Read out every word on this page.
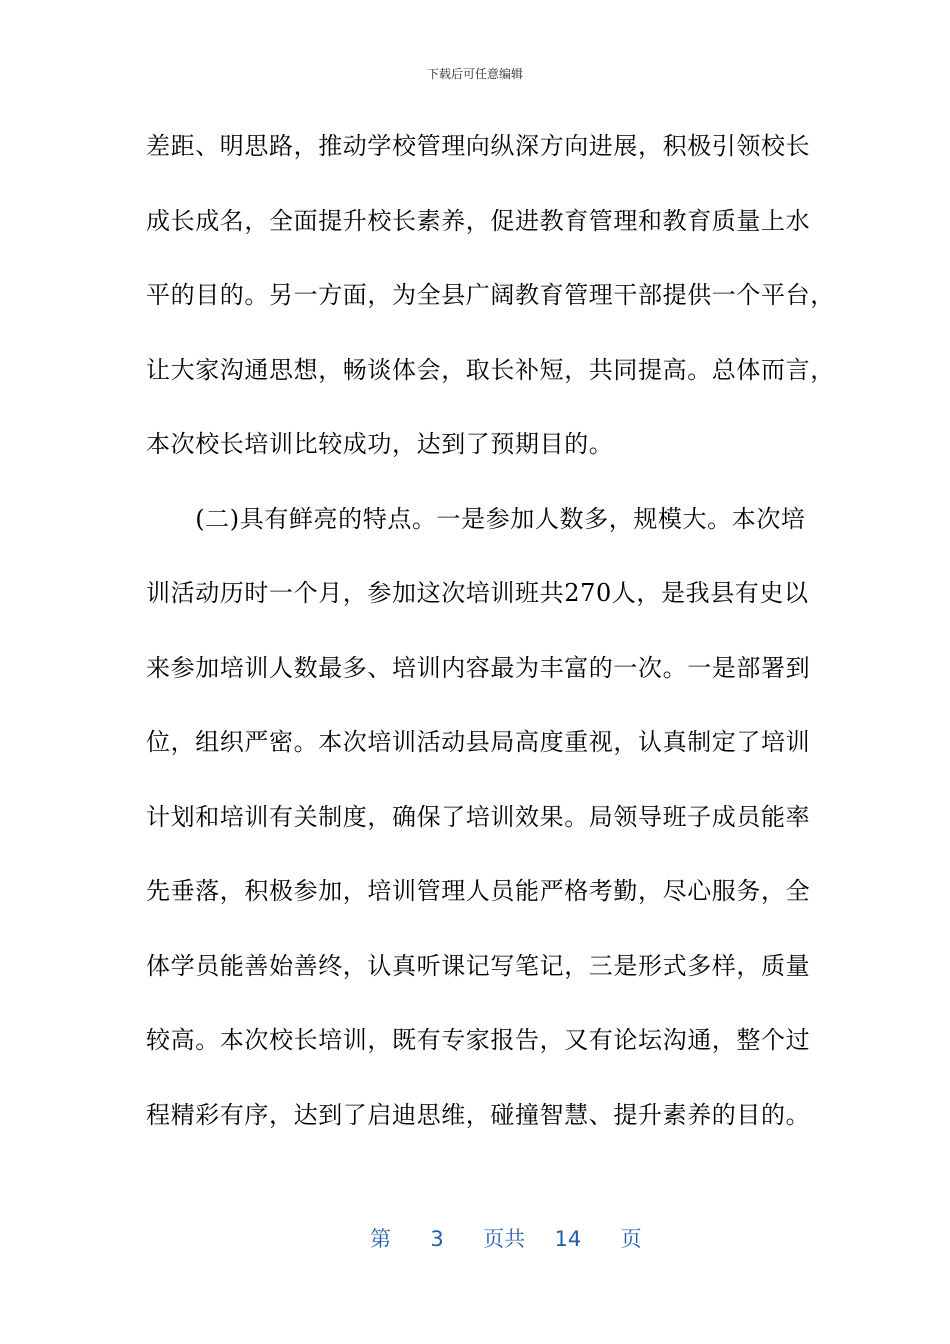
下载后可任意编辑
差距、明思路，推动学校管理向纵深方向进展，积极引领校长
成长成名，全面提升校长素养，促进教育管理和教育质量上水
平的目的。另一方面，为全县广阔教育管理干部提供一个平台，
让大家沟通思想，畅谈体会，取长补短，共同提高。总体而言，
本次校长培训比较成功，达到了预期目的。
　　(二)具有鲜亮的特点。一是参加人数多，规模大。本次培
训活动历时一个月，参加这次培训班共270人，是我县有史以
来参加培训人数最多、培训内容最为丰富的一次。一是部署到
位，组织严密。本次培训活动县局高度重视，认真制定了培训
计划和培训有关制度，确保了培训效果。局领导班子成员能率
先垂落，积极参加，培训管理人员能严格考勤，尽心服务，全
体学员能善始善终，认真听课记写笔记，三是形式多样，质量
较高。本次校长培训，既有专家报告，又有论坛沟通，整个过
程精彩有序，达到了启迪思维，碰撞智慧、提升素养的目的。
第 3 页共 14 页
